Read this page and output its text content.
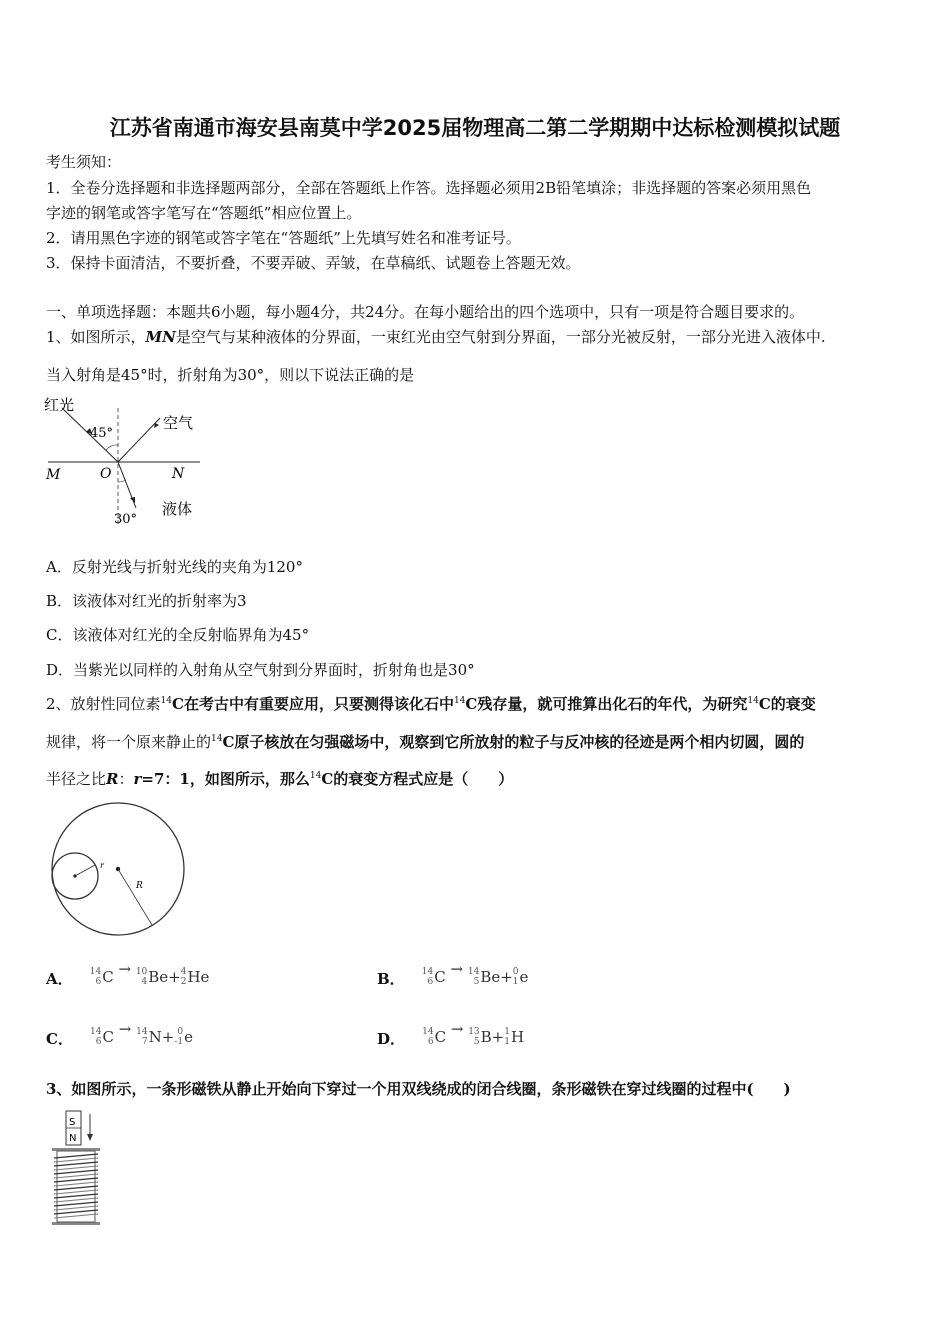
江苏省南通市海安县南莫中学2025届物理高二第二学期期中达标检测模拟试题
考生须知：
1．全卷分选择题和非选择题两部分，全部在答题纸上作答。选择题必须用2B铅笔填涂；非选择题的答案必须用黑色
字迹的钢笔或答字笔写在“答题纸”相应位置上。
2．请用黑色字迹的钢笔或答字笔在“答题纸”上先填写姓名和准考证号。
3．保持卡面清洁，不要折叠，不要弄破、弄皱，在草稿纸、试题卷上答题无效。
一、单项选择题：本题共6小题，每小题4分，共24分。在每小题给出的四个选项中，只有一项是符合题目要求的。
1、如图所示，MN是空气与某种液体的分界面，一束红光由空气射到分界面，一部分光被反射，一部分光进入液体中.
当入射角是45°时，折射角为30°，则以下说法正确的是
红光
空气
液体
M	O	N
45°
30°
A．反射光线与折射光线的夹角为120°
B．该液体对红光的折射率为3
C．该液体对红光的全反射临界角为45°
D．当紫光以同样的入射角从空气射到分界面时，折射角也是30°
2、放射性同位素$^{14}$C在考古中有重要应用，只要测得该化石中$^{14}$C残存量，就可推算出化石的年代，为研究$^{14}$C的衰变
规律，将一个原来静止的$^{14}$C原子核放在匀强磁场中，观察到它所放射的粒子与反冲核的径迹是两个相内切圆，圆的
半径之比R：r=7：1，如图所示，那么$^{14}$C的衰变方程式应是（　　）
r
R
A． 14
6 C → 10
4 Be+ 4
2 He	B． 14
6 C → 14
5 Be+ 0
1 e
C． 14
6 C → 14
7 N+ 0
-1 e	D． 14
6 C → 13
5 B+ 1
1 H
3、如图所示，一条形磁铁从静止开始向下穿过一个用双线绕成的闭合线圈，条形磁铁在穿过线圈的过程中(　　)
S
N
